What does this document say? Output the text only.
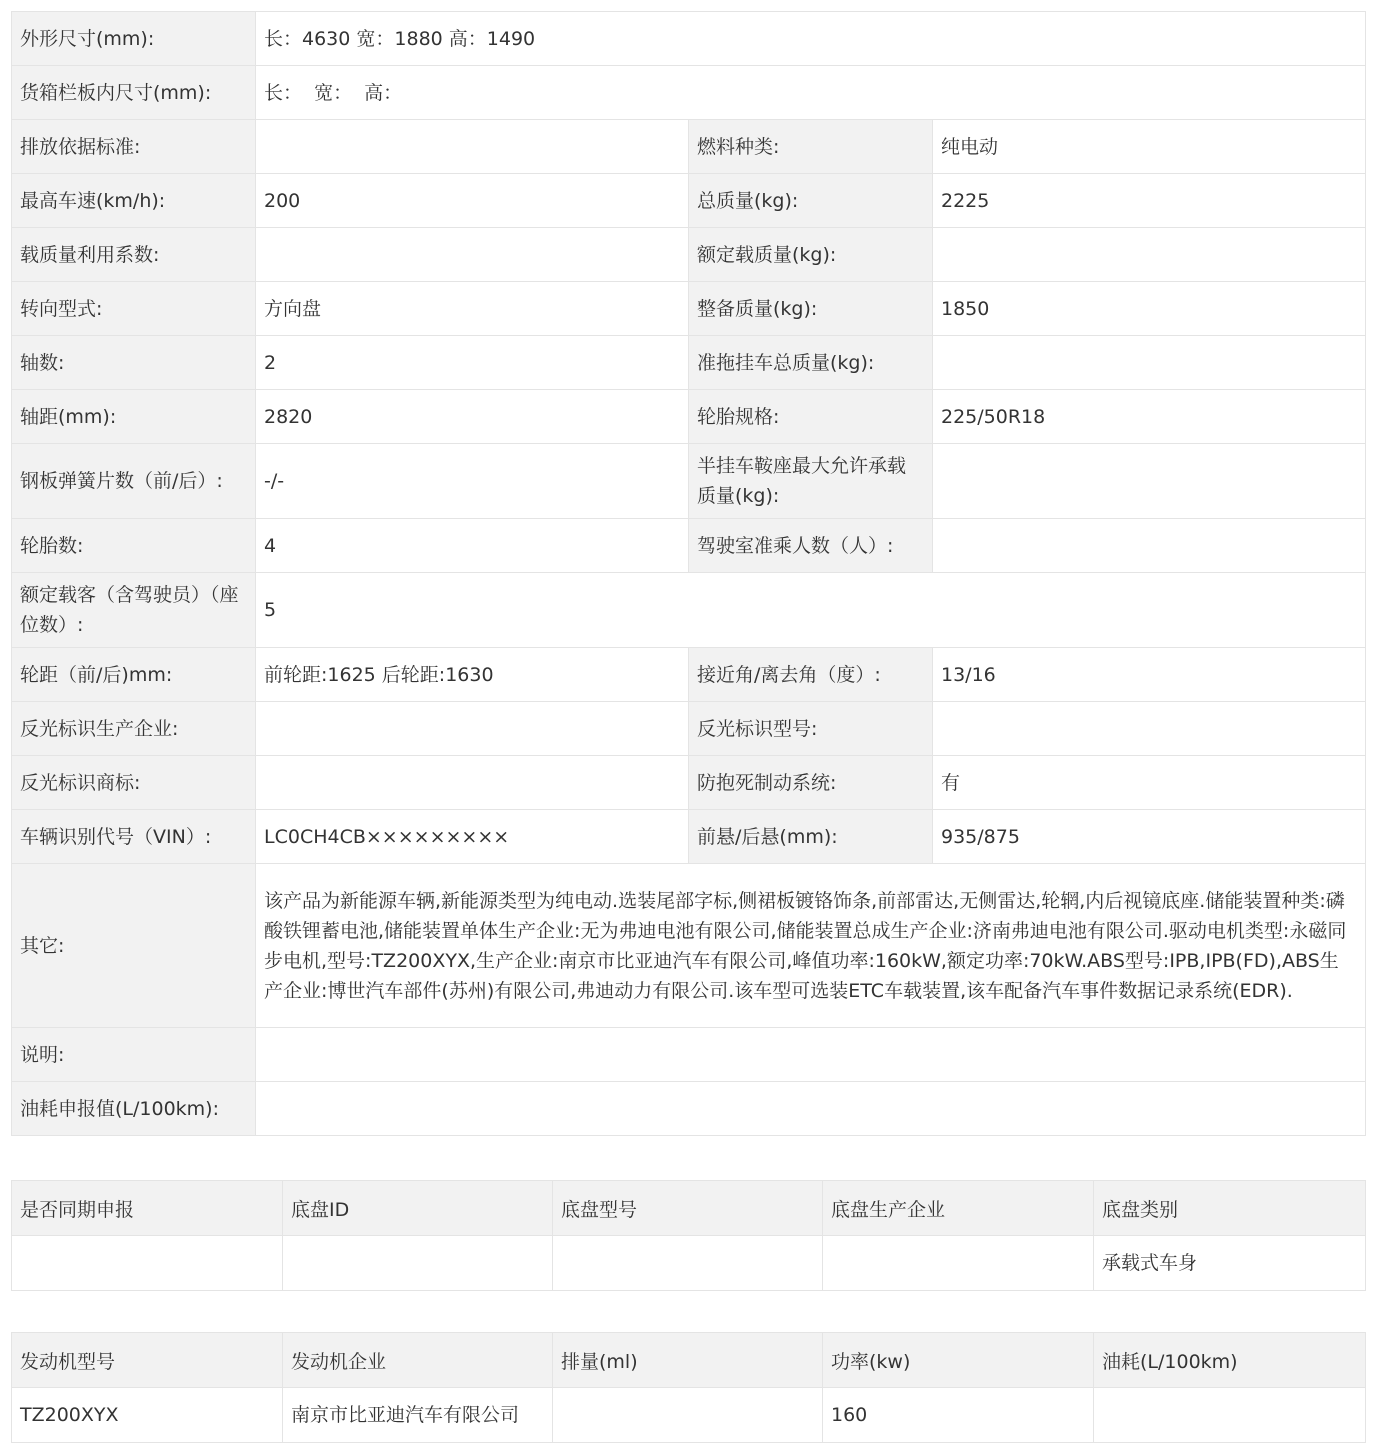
外形尺寸(mm):	长：4630 宽：1880 高：1490		
货箱栏板内尺寸(mm):	长：  宽：  高：		
排放依据标准:		燃料种类:	纯电动
最高车速(km/h):	200	总质量(kg):	2225
载质量利用系数:		额定载质量(kg):	
转向型式:	方向盘	整备质量(kg):	1850
轴数:	2	准拖挂车总质量(kg):	
轴距(mm):	2820	轮胎规格:	225/50R18
钢板弹簧片数（前/后）:	-/-	半挂车鞍座最大允许承载质量(kg):	
轮胎数:	4	驾驶室准乘人数（人）:	
额定载客（含驾驶员）（座位数）:	5		
轮距（前/后)mm:	前轮距:1625 后轮距:1630	接近角/离去角（度）:	13/16
反光标识生产企业:		反光标识型号:	
反光标识商标:		防抱死制动系统:	有
车辆识别代号（VIN）:	LC0CH4CB×××××××××	前悬/后悬(mm):	935/875
其它:	该产品为新能源车辆,新能源类型为纯电动.选装尾部字标,侧裙板镀铬饰条,前部雷达,无侧雷达,轮辋,内后视镜底座.储能装置种类:磷酸铁锂蓄电池,储能装置单体生产企业:无为弗迪电池有限公司,储能装置总成生产企业:济南弗迪电池有限公司.驱动电机类型:永磁同步电机,型号:TZ200XYX,生产企业:南京市比亚迪汽车有限公司,峰值功率:160kW,额定功率:70kW.ABS型号:IPB,IPB(FD),ABS生产企业:博世汽车部件(苏州)有限公司,弗迪动力有限公司.该车型可选装ETC车载装置,该车配备汽车事件数据记录系统(EDR).		
说明:			
油耗申报值(L/100km):			
是否同期申报	底盘ID	底盘型号	底盘生产企业	底盘类别
				承载式车身
发动机型号	发动机企业	排量(ml)	功率(kw)	油耗(L/100km)
TZ200XYX	南京市比亚迪汽车有限公司		160	
